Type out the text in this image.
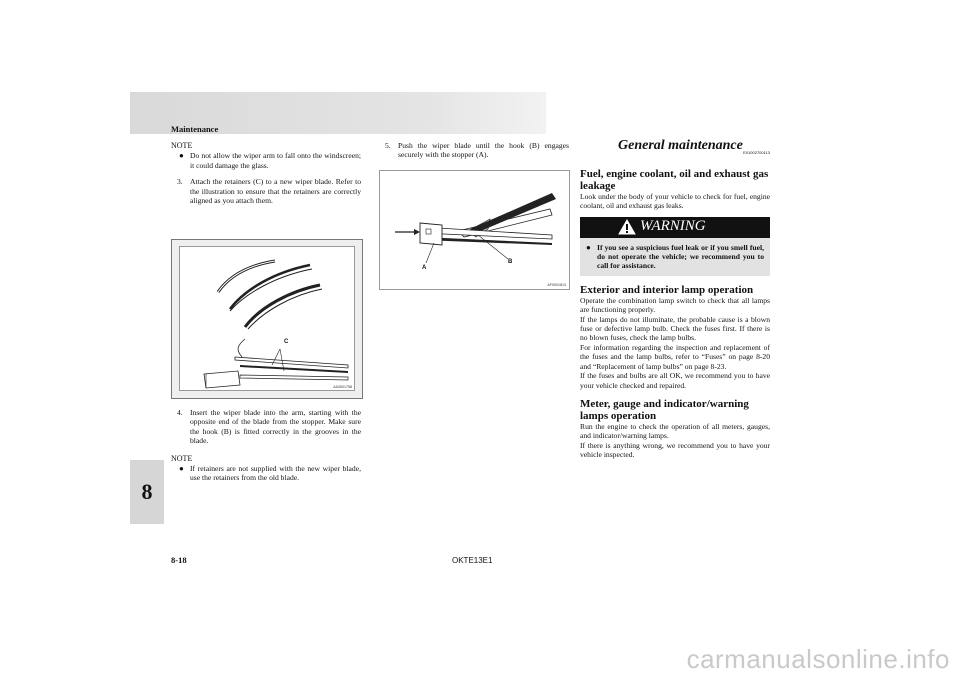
Maintenance
8
NOTE
● Do not allow the wiper arm to fall onto the windscreen; it could damage the glass.

3. Attach the retainers (C) to a new wiper blade. Refer to the illustration to ensure that the retainers are correctly aligned as you attach them.

C
AA3001758
4. Insert the wiper blade into the arm, starting with the opposite end of the blade from the stopper. Make sure the hook (B) is fitted correctly in the grooves in the blade.

NOTE
● If retainers are not supplied with the new wiper blade, use the retainers from the old blade.

5. Push the wiper blade until the hook (B) engages securely with the stopper (A).

A
B
AF0001813
General maintenance E01002700113
Fuel, engine coolant, oil and exhaust gas leakage

Look under the body of your vehicle to check for fuel, engine coolant, oil and exhaust gas leaks.

WARNING
● If you see a suspicious fuel leak or if you smell fuel, do not operate the vehicle; we recommend you to call for assistance.

Exterior and interior lamp operation

Operate the combination lamp switch to check that all lamps are functioning properly.

If the lamps do not illuminate, the probable cause is a blown fuse or defective lamp bulb. Check the fuses first. If there is no blown fuses, check the lamp bulbs.

For information regarding the inspection and replacement of the fuses and the lamp bulbs, refer to “Fuses” on page 8-20 and “Replacement of lamp bulbs” on page 8-23.

If the fuses and bulbs are all OK, we recommend you to have your vehicle checked and repaired.

Meter, gauge and indicator/warning lamps operation

Run the engine to check the operation of all meters, gauges, and indicator/warning lamps.

If there is anything wrong, we recommend you to have your vehicle inspected.

8-18	OKTE13E1
carmanualsonline.info
